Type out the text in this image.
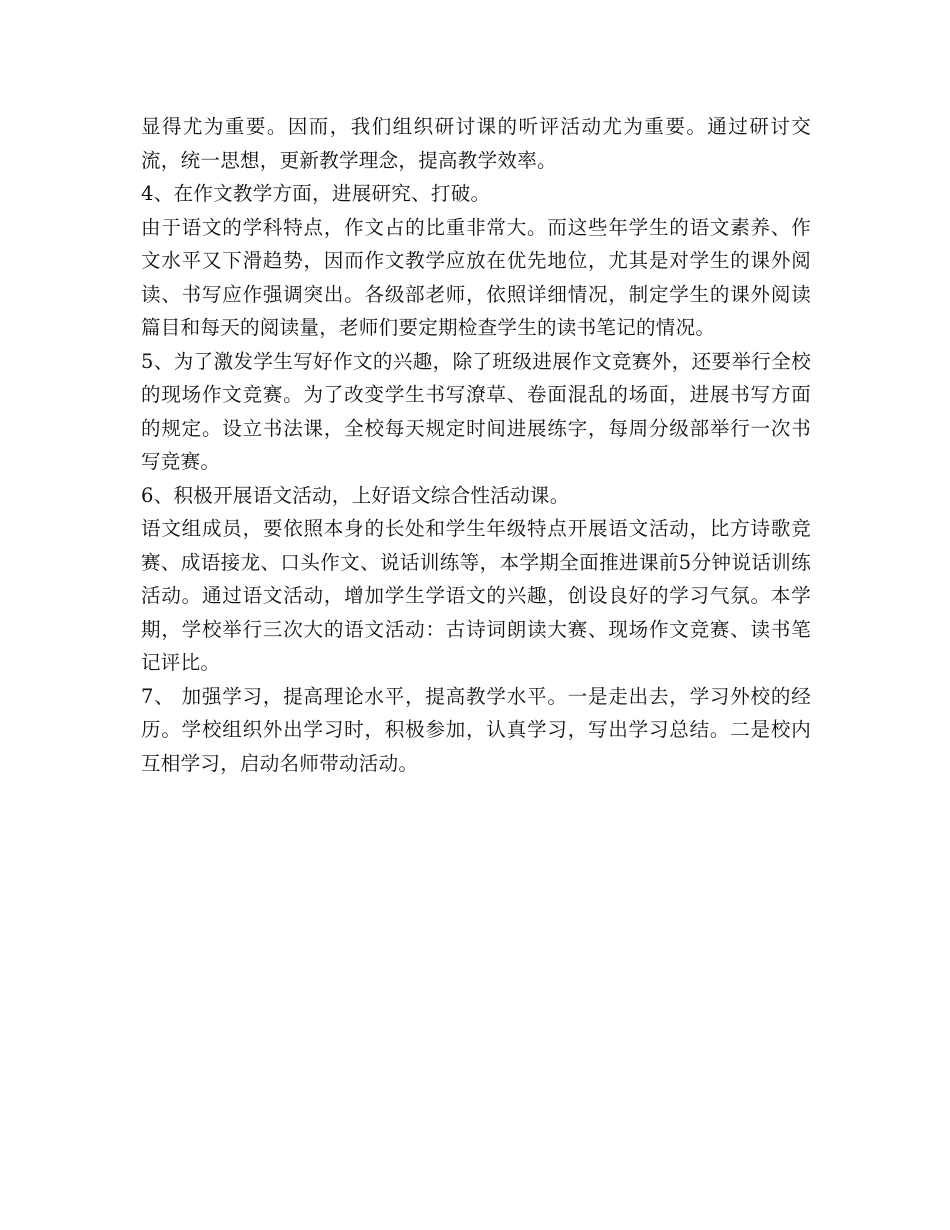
显得尤为重要。因而，我们组织研讨课的听评活动尤为重要。通过研讨交流，统一思想，更新教学理念，提高教学效率。

4、在作文教学方面，进展研究、打破。

由于语文的学科特点，作文占的比重非常大。而这些年学生的语文素养、作文水平又下滑趋势，因而作文教学应放在优先地位，尤其是对学生的课外阅读、书写应作强调突出。各级部老师，依照详细情况，制定学生的课外阅读篇目和每天的阅读量，老师们要定期检查学生的读书笔记的情况。

5、为了激发学生写好作文的兴趣，除了班级进展作文竞赛外，还要举行全校的现场作文竞赛。为了改变学生书写潦草、卷面混乱的场面，进展书写方面的规定。设立书法课，全校每天规定时间进展练字，每周分级部举行一次书写竞赛。

6、积极开展语文活动，上好语文综合性活动课。

语文组成员，要依照本身的长处和学生年级特点开展语文活动，比方诗歌竞赛、成语接龙、口头作文、说话训练等，本学期全面推进课前5分钟说话训练活动。通过语文活动，增加学生学语文的兴趣，创设良好的学习气氛。本学期，学校举行三次大的语文活动：古诗词朗读大赛、现场作文竞赛、读书笔记评比。

7、 加强学习，提高理论水平，提高教学水平。一是走出去，学习外校的经历。学校组织外出学习时，积极参加，认真学习，写出学习总结。二是校内互相学习，启动名师带动活动。
